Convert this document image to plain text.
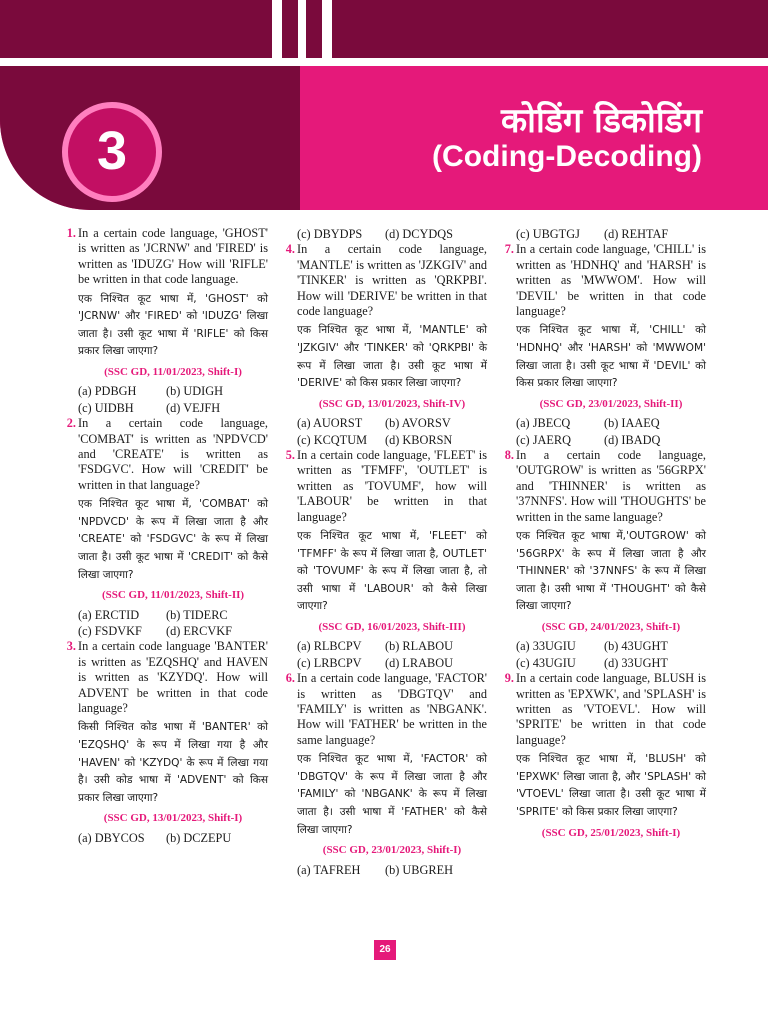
3	कोडिंग डिकोडिंग
(Coding-Decoding)
1. In a certain code language, 'GHOST' is written as 'JCRNW' and 'FIRED' is written as 'IDUZG' How will 'RIFLE' be written in that code language.
एक निश्चित कूट भाषा में, 'GHOST' को 'JCRNW' और 'FIRED' को 'IDUZG' लिखा जाता है। उसी कूट भाषा में 'RIFLE' को किस प्रकार लिखा जाएगा?
(SSC GD, 11/01/2023, Shift-I)
(a) PDBGH	(b) UDIGH
(c) UIDBH	(d) VEJFH
2. In a certain code language, 'COMBAT' is written as 'NPDVCD' and 'CREATE' is written as 'FSDGVC'. How will 'CREDIT' be written in that language?
एक निश्चित कूट भाषा में, 'COMBAT' को 'NPDVCD' के रूप में लिखा जाता है और 'CREATE' को 'FSDGVC' के रूप में लिखा जाता है। उसी कूट भाषा में 'CREDIT' को कैसे लिखा जाएगा?
(SSC GD, 11/01/2023, Shift-II)
(a) ERCTID	(b) TIDERC
(c) FSDVKF	(d) ERCVKF
3. In a certain code language 'BANTER' is written as 'EZQSHQ' and HAVEN is written as 'KZYDQ'. How will ADVENT be written in that code language?
किसी निश्चित कोड भाषा में 'BANTER' को 'EZQSHQ' के रूप में लिखा गया है और 'HAVEN' को 'KZYDQ' के रूप में लिखा गया है। उसी कोड भाषा में 'ADVENT' को किस प्रकार लिखा जाएगा?
(SSC GD, 13/01/2023, Shift-I)
(a) DBYCOS	(b) DCZEPU
(c) DBYDPS	(d) DCYDQS
4. In a certain code language, 'MANTLE' is written as 'JZKGIV' and 'TINKER' is written as 'QRKPBI'. How will 'DERIVE' be written in that code language?
एक निश्चित कूट भाषा में, 'MANTLE' को 'JZKGIV' और 'TINKER' को 'QRKPBI' के रूप में लिखा जाता है। उसी कूट भाषा में 'DERIVE' को किस प्रकार लिखा जाएगा?
(SSC GD, 13/01/2023, Shift-IV)
(a) AUORST	(b) AVORSV
(c) KCQTUM	(d) KBORSN
5. In a certain code language, 'FLEET' is written as 'TFMFF', 'OUTLET' is written as 'TOVUMF', how will 'LABOUR' be written in that language?
एक निश्चित कूट भाषा में, 'FLEET' को 'TFMFF' के रूप में लिखा जाता है, OUTLET' को 'TOVUMF' के रूप में लिखा जाता है, तो उसी भाषा में 'LABOUR' को कैसे लिखा जाएगा?
(SSC GD, 16/01/2023, Shift-III)
(a) RLBCPV	(b) RLABOU
(c) LRBCPV	(d) LRABOU
6. In a certain code language, 'FACTOR' is written as 'DBGTQV' and 'FAMILY' is written as 'NBGANK'. How will 'FATHER' be written in the same language?
एक निश्चित कूट भाषा में, 'FACTOR' को 'DBGTQV' के रूप में लिखा जाता है और 'FAMILY' को 'NBGANK' के रूप में लिखा जाता है। उसी भाषा में 'FATHER' को कैसे लिखा जाएगा?
(SSC GD, 23/01/2023, Shift-I)
(a) TAFREH	(b) UBGREH
(c) UBGTGJ	(d) REHTAF
7. In a certain code language, 'CHILL' is written as 'HDNHQ' and 'HARSH' is written as 'MWWOM'. How will 'DEVIL' be written in that code language?
एक निश्चित कूट भाषा में, 'CHILL' को 'HDNHQ' और 'HARSH' को 'MWWOM' लिखा जाता है। उसी कूट भाषा में 'DEVIL' को किस प्रकार लिखा जाएगा?
(SSC GD, 23/01/2023, Shift-II)
(a) JBECQ	(b) IAAEQ
(c) JAERQ	(d) IBADQ
8. In a certain code language, 'OUTGROW' is written as '56GRPX' and 'THINNER' is written as '37NNFS'. How will 'THOUGHTS' be written in the same language?
एक निश्चित कूट भाषा में,'OUTGROW' को '56GRPX' के रूप में लिखा जाता है और 'THINNER' को '37NNFS' के रूप में लिखा जाता है। उसी भाषा में 'THOUGHT' को कैसे लिखा जाएगा?
(SSC GD, 24/01/2023, Shift-I)
(a) 33UGIU	(b) 43UGHT
(c) 43UGIU	(d) 33UGHT
9. In a certain code language, BLUSH is written as 'EPXWK', and 'SPLASH' is written as 'VTOEVL'. How will 'SPRITE' be written in that code language?
एक निश्चित कूट भाषा में, 'BLUSH' को 'EPXWK' लिखा जाता है, और 'SPLASH' को 'VTOEVL' लिखा जाता है। उसी कूट भाषा में 'SPRITE' को किस प्रकार लिखा जाएगा?
(SSC GD, 25/01/2023, Shift-I)
26
